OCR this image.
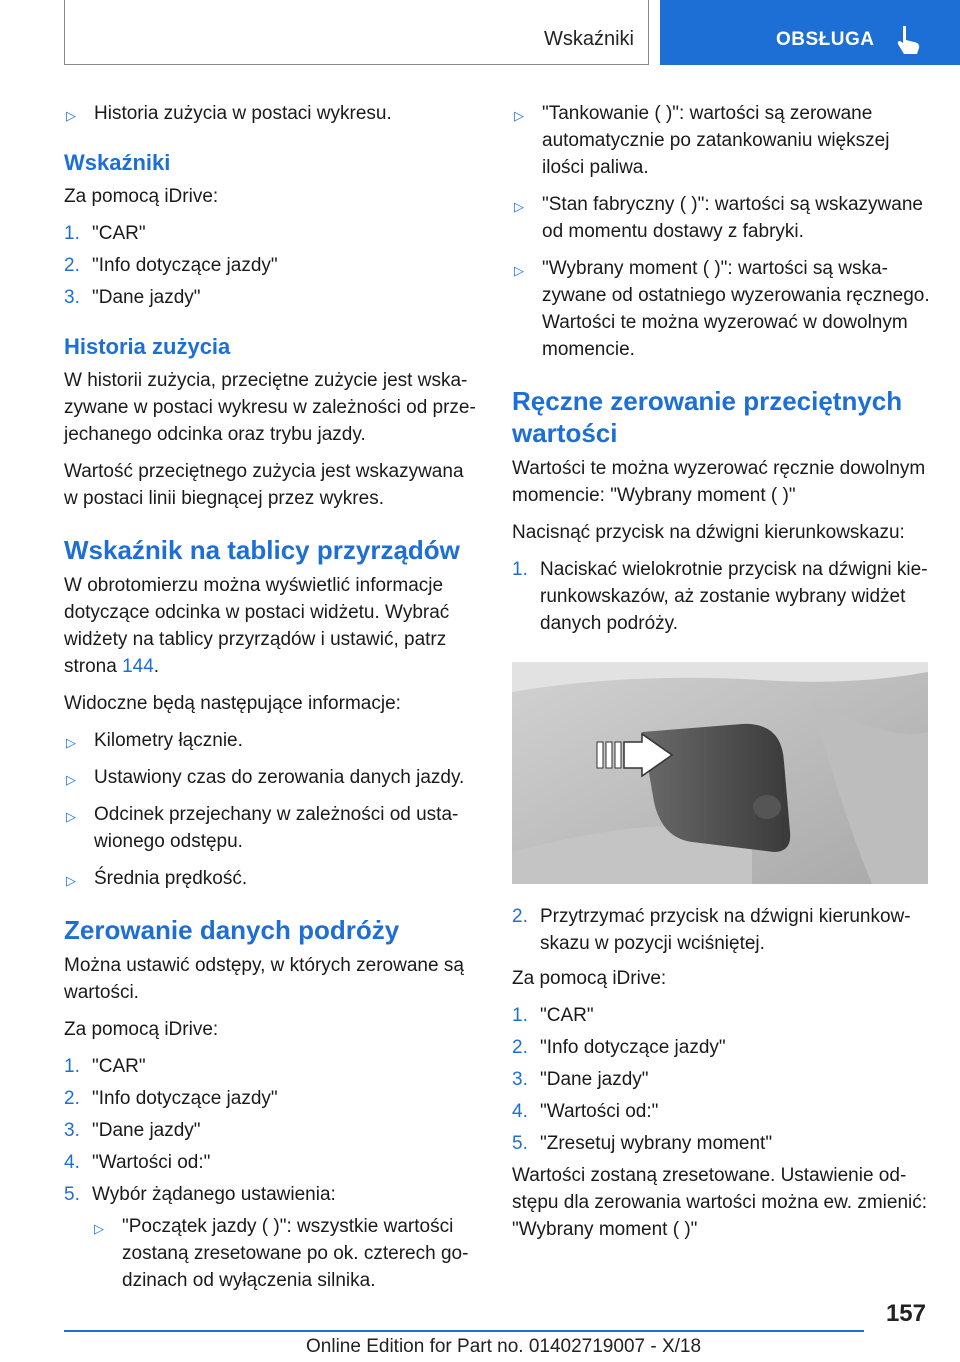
Wskaźniki	OBSŁUGA
▷ Historia zużycia w postaci wykresu.
Wskaźniki
Za pomocą iDrive:
1. "CAR"
2. "Info dotyczące jazdy"
3. "Dane jazdy"
Historia zużycia
W historii zużycia, przeciętne zużycie jest wskazywane w postaci wykresu w zależności od przejechanego odcinka oraz trybu jazdy.
Wartość przeciętnego zużycia jest wskazywana w postaci linii biegnącej przez wykres.
Wskaźnik na tablicy przyrządów
W obrotomierzu można wyświetlić informacje dotyczące odcinka w postaci widżetu. Wybrać widżety na tablicy przyrządów i ustawić, patrz strona 144.
Widoczne będą następujące informacje:
▷ Kilometry łącznie.
▷ Ustawiony czas do zerowania danych jazdy.
▷ Odcinek przejechany w zależności od ustawionego odstępu.
▷ Średnia prędkość.
Zerowanie danych podróży
Można ustawić odstępy, w których zerowane są wartości.
Za pomocą iDrive:
1. "CAR"
2. "Info dotyczące jazdy"
3. "Dane jazdy"
4. "Wartości od:"
5. Wybór żądanego ustawienia:
▷ "Początek jazdy ( )": wszystkie wartości zostaną zresetowane po ok. czterech godzinach od wyłączenia silnika.
▷ "Tankowanie ( )": wartości są zerowane automatycznie po zatankowaniu większej ilości paliwa.
▷ "Stan fabryczny ( )": wartości są wskazywane od momentu dostawy z fabryki.
▷ "Wybrany moment ( )": wartości są wskazywane od ostatniego wyzerowania ręcznego. Wartości te można wyzerować w dowolnym momencie.
Ręczne zerowanie przeciętnych wartości
Wartości te można wyzerować ręcznie dowolnym momencie: "Wybrany moment ( )"
Nacisnąć przycisk na dźwigni kierunkowskazu:
1. Naciskać wielokrotnie przycisk na dźwigni kierunkowskazów, aż zostanie wybrany widżet danych podróży.
2. Przytrzymać przycisk na dźwigni kierunkowskazu w pozycji wciśniętej.
Za pomocą iDrive:
1. "CAR"
2. "Info dotyczące jazdy"
3. "Dane jazdy"
4. "Wartości od:"
5. "Zresetuj wybrany moment"
Wartości zostaną zresetowane. Ustawienie odstępu dla zerowania wartości można ew. zmienić: "Wybrany moment ( )"
157
Online Edition for Part no. 01402719007 - X/18
